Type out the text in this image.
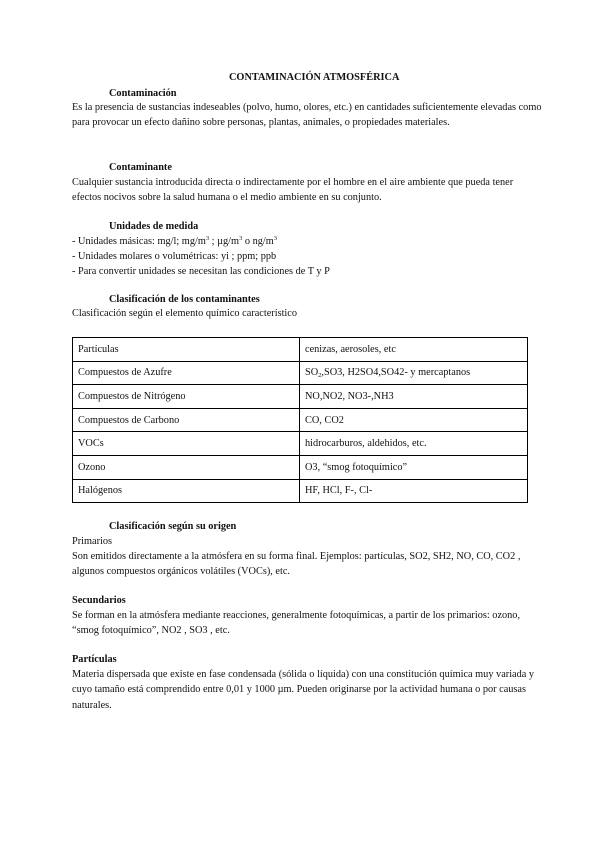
CONTAMINACIÓN ATMOSFÉRICA
Contaminación
Es la presencia de sustancias indeseables (polvo, humo, olores, etc.) en cantidades suficientemente elevadas como para provocar un efecto dañino sobre personas, plantas, animales, o propiedades materiales.
Contaminante
Cualquier sustancia introducida directa o indirectamente por el hombre en el aire ambiente que pueda tener efectos nocivos sobre la salud humana o el medio ambiente en su conjunto.
Unidades de medida
- Unidades másicas: mg/l; $mg/m^3$ ; $\mu g/m^3$ o $ng/m^3$
- Unidades molares o volumétricas: yi ; ppm; ppb
- Para convertir unidades se necesitan las condiciones de T y P
Clasificación de los contaminantes
Clasificación según el elemento químico característico
Partículas	cenizas, aerosoles, etc
Compuestos de Azufre	$SO_2,SO3$, H2SO4,SO42- y mercaptanos
Compuestos de Nitrógeno	NO,NO2, NO3-,NH3
Compuestos de Carbono	CO, CO2
VOCs	hidrocarburos, aldehidos, etc.
Ozono	O3, “smog fotoquímico”
Halógenos	HF, HCl, F-, Cl-
Clasificación según su origen
Primarios
Son emitidos directamente a la atmósfera en su forma final. Ejemplos: partículas, SO2, SH2, NO, CO, CO2 , algunos compuestos orgánicos volátiles (VOCs), etc.
Secundarios
Se forman en la atmósfera mediante reacciones, generalmente fotoquímicas, a partir de los primarios: ozono, “smog fotoquímico”, NO2 , SO3 , etc.
Partículas
Materia dispersada que existe en fase condensada (sólida o líquida) con una constitución química muy variada y cuyo tamaño está comprendido entre 0,01 y 1000 µm. Pueden originarse por la actividad humana o por causas naturales.
